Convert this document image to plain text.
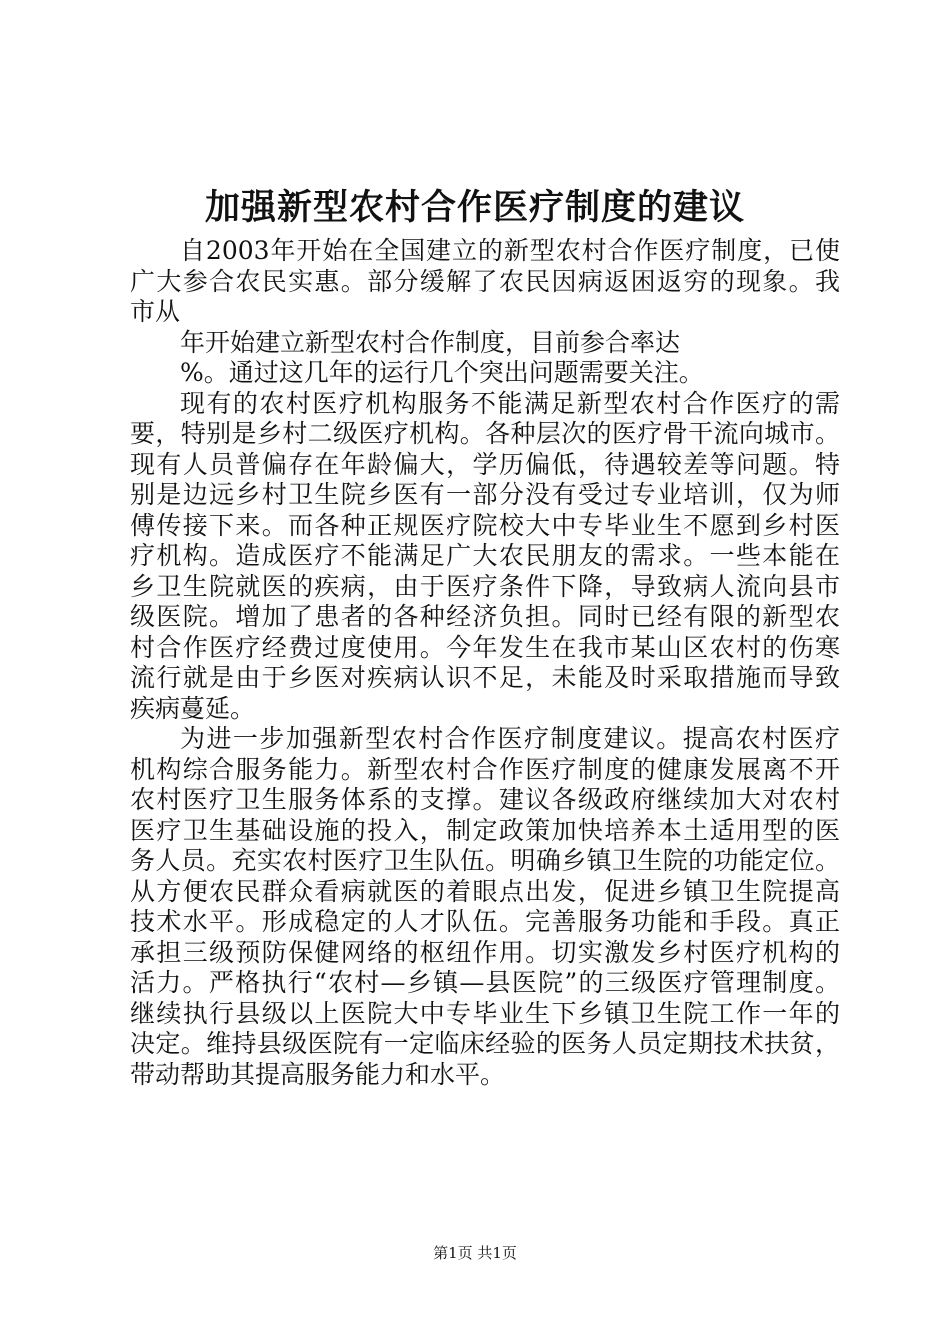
加强新型农村合作医疗制度的建议
自2003年开始在全国建立的新型农村合作医疗制度，已使
广大参合农民实惠。部分缓解了农民因病返困返穷的现象。我
市从
年开始建立新型农村合作制度，目前参合率达
%。通过这几年的运行几个突出问题需要关注。
现有的农村医疗机构服务不能满足新型农村合作医疗的需
要，特别是乡村二级医疗机构。各种层次的医疗骨干流向城市。
现有人员普偏存在年龄偏大，学历偏低，待遇较差等问题。特
别是边远乡村卫生院乡医有一部分没有受过专业培训，仅为师
傅传接下来。而各种正规医疗院校大中专毕业生不愿到乡村医
疗机构。造成医疗不能满足广大农民朋友的需求。一些本能在
乡卫生院就医的疾病，由于医疗条件下降，导致病人流向县市
级医院。增加了患者的各种经济负担。同时已经有限的新型农
村合作医疗经费过度使用。今年发生在我市某山区农村的伤寒
流行就是由于乡医对疾病认识不足，未能及时采取措施而导致
疾病蔓延。
为进一步加强新型农村合作医疗制度建议。提高农村医疗
机构综合服务能力。新型农村合作医疗制度的健康发展离不开
农村医疗卫生服务体系的支撑。建议各级政府继续加大对农村
医疗卫生基础设施的投入，制定政策加快培养本土适用型的医
务人员。充实农村医疗卫生队伍。明确乡镇卫生院的功能定位。
从方便农民群众看病就医的着眼点出发，促进乡镇卫生院提高
技术水平。形成稳定的人才队伍。完善服务功能和手段。真正
承担三级预防保健网络的枢纽作用。切实激发乡村医疗机构的
活力。严格执行“农村—乡镇—县医院”的三级医疗管理制度。
继续执行县级以上医院大中专毕业生下乡镇卫生院工作一年的
决定。维持县级医院有一定临床经验的医务人员定期技术扶贫，
带动帮助其提高服务能力和水平。
第1页 共1页
